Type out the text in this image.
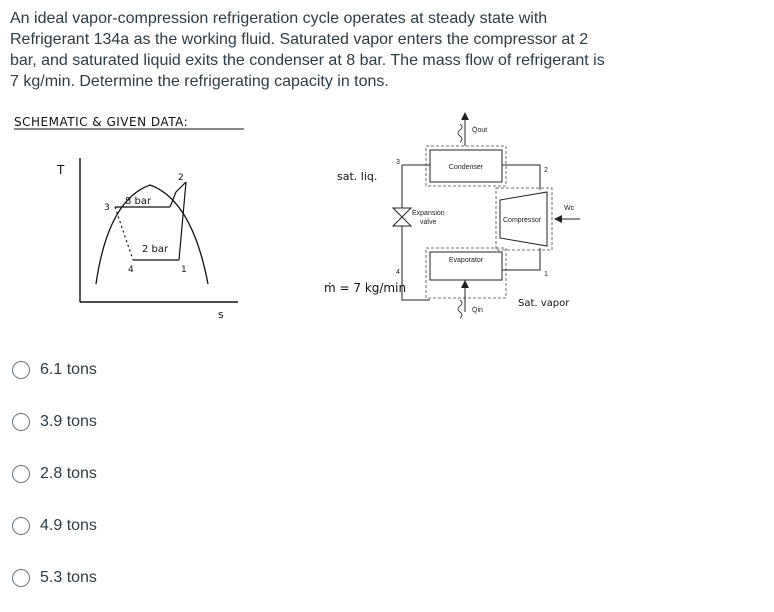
An ideal vapor-compression refrigeration cycle operates at steady state with
Refrigerant 134a as the working fluid. Saturated vapor enters the compressor at 2
bar, and saturated liquid exits the condenser at 8 bar. The mass flow of refrigerant is
7 kg/min. Determine the refrigerating capacity in tons.
SCHEMATIC & GIVEN DATA:
T
s
8 bar
2 bar
3
4	1
2
Condenser
Q̇out
Evaporator
Q̇in
Expansion
valve	Compressor
Ẇc
3
2
1
4
sat. liq.
ṁ = 7 kg/min
Sat. vapor
6.1 tons
3.9 tons
2.8 tons
4.9 tons
5.3 tons
